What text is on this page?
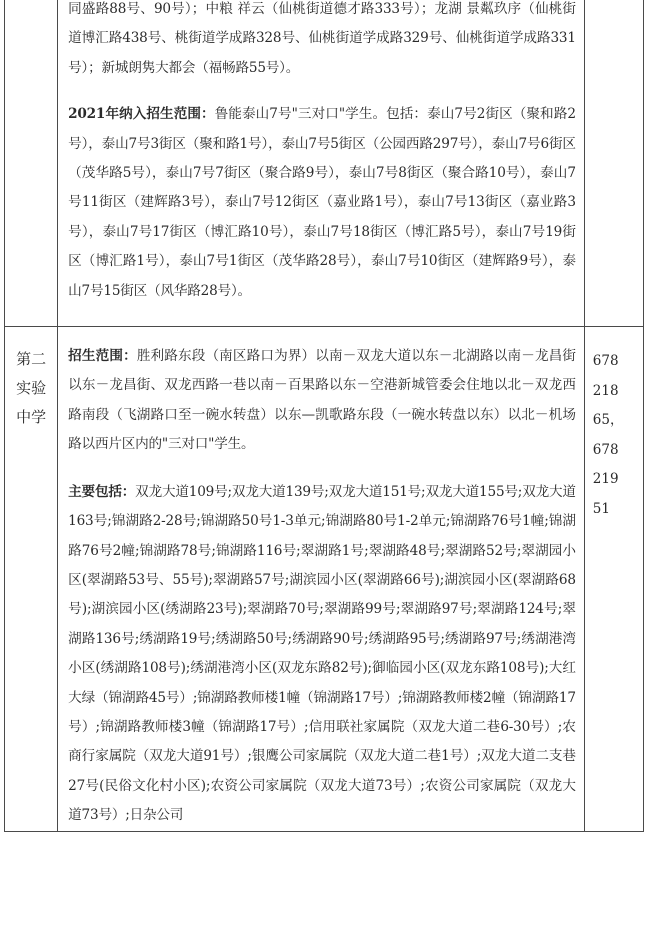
	同盛路88号、90号）；中粮 祥云（仙桃街道德才路333号）；龙湖 景粼玖序（仙桃街道博汇路438号、桃街道学成路328号、仙桃街道学成路329号、仙桃街道学成路331号）；新城朗隽大都会（福畅路55号）。

2021年纳入招生范围：鲁能泰山7号"三对口"学生。包括：泰山7号2街区（聚和路2号），泰山7号3街区（聚和路1号），泰山7号5街区（公园西路297号），泰山7号6街区（茂华路5号），泰山7号7街区（聚合路9号），泰山7号8街区（聚合路10号），泰山7号11街区（建辉路3号），泰山7号12街区（嘉业路1号），泰山7号13街区（嘉业路3号），泰山7号17街区（博汇路10号），泰山7号18街区（博汇路5号），泰山7号19街区（博汇路1号），泰山7号1街区（茂华路28号），泰山7号10街区（建辉路9号），泰山7号15街区（风华路28号）。	

第二实验中学	招生范围：胜利路东段（南区路口为界）以南－双龙大道以东－北湖路以南－龙昌街以东－龙昌街、双龙西路一巷以南－百果路以东－空港新城管委会住地以北－双龙西路南段（飞湖路口至一碗水转盘）以东—凯歌路东段（一碗水转盘以东）以北－机场路以西片区内的"三对口"学生。

主要包括：双龙大道109号;双龙大道139号;双龙大道151号;双龙大道155号;双龙大道163号;锦湖路2-28号;锦湖路50号1-3单元;锦湖路80号1-2单元;锦湖路76号1幢;锦湖路76号2幢;锦湖路78号;锦湖路116号;翠湖路1号;翠湖路48号;翠湖路52号;翠湖园小区(翠湖路53号、55号);翠湖路57号;湖滨园小区(翠湖路66号);湖滨园小区(翠湖路68号);湖滨园小区(绣湖路23号);翠湖路70号;翠湖路99号;翠湖路97号;翠湖路124号;翠湖路136号;绣湖路19号;绣湖路50号;绣湖路90号;绣湖路95号;绣湖路97号;绣湖港湾小区(绣湖路108号);绣湖港湾小区(双龙东路82号);御临园小区(双龙东路108号);大红大绿（锦湖路45号）;锦湖路教师楼1幢（锦湖路17号）;锦湖路教师楼2幢（锦湖路17号）;锦湖路教师楼3幢（锦湖路17号）;信用联社家属院（双龙大道二巷6-30号）;农商行家属院（双龙大道91号）;银鹰公司家属院（双龙大道二巷1号）;双龙大道二支巷27号(民俗文化村小区);农资公司家属院（双龙大道73号）;农资公司家属院（双龙大道73号）;日杂公司	67821865，67821951
